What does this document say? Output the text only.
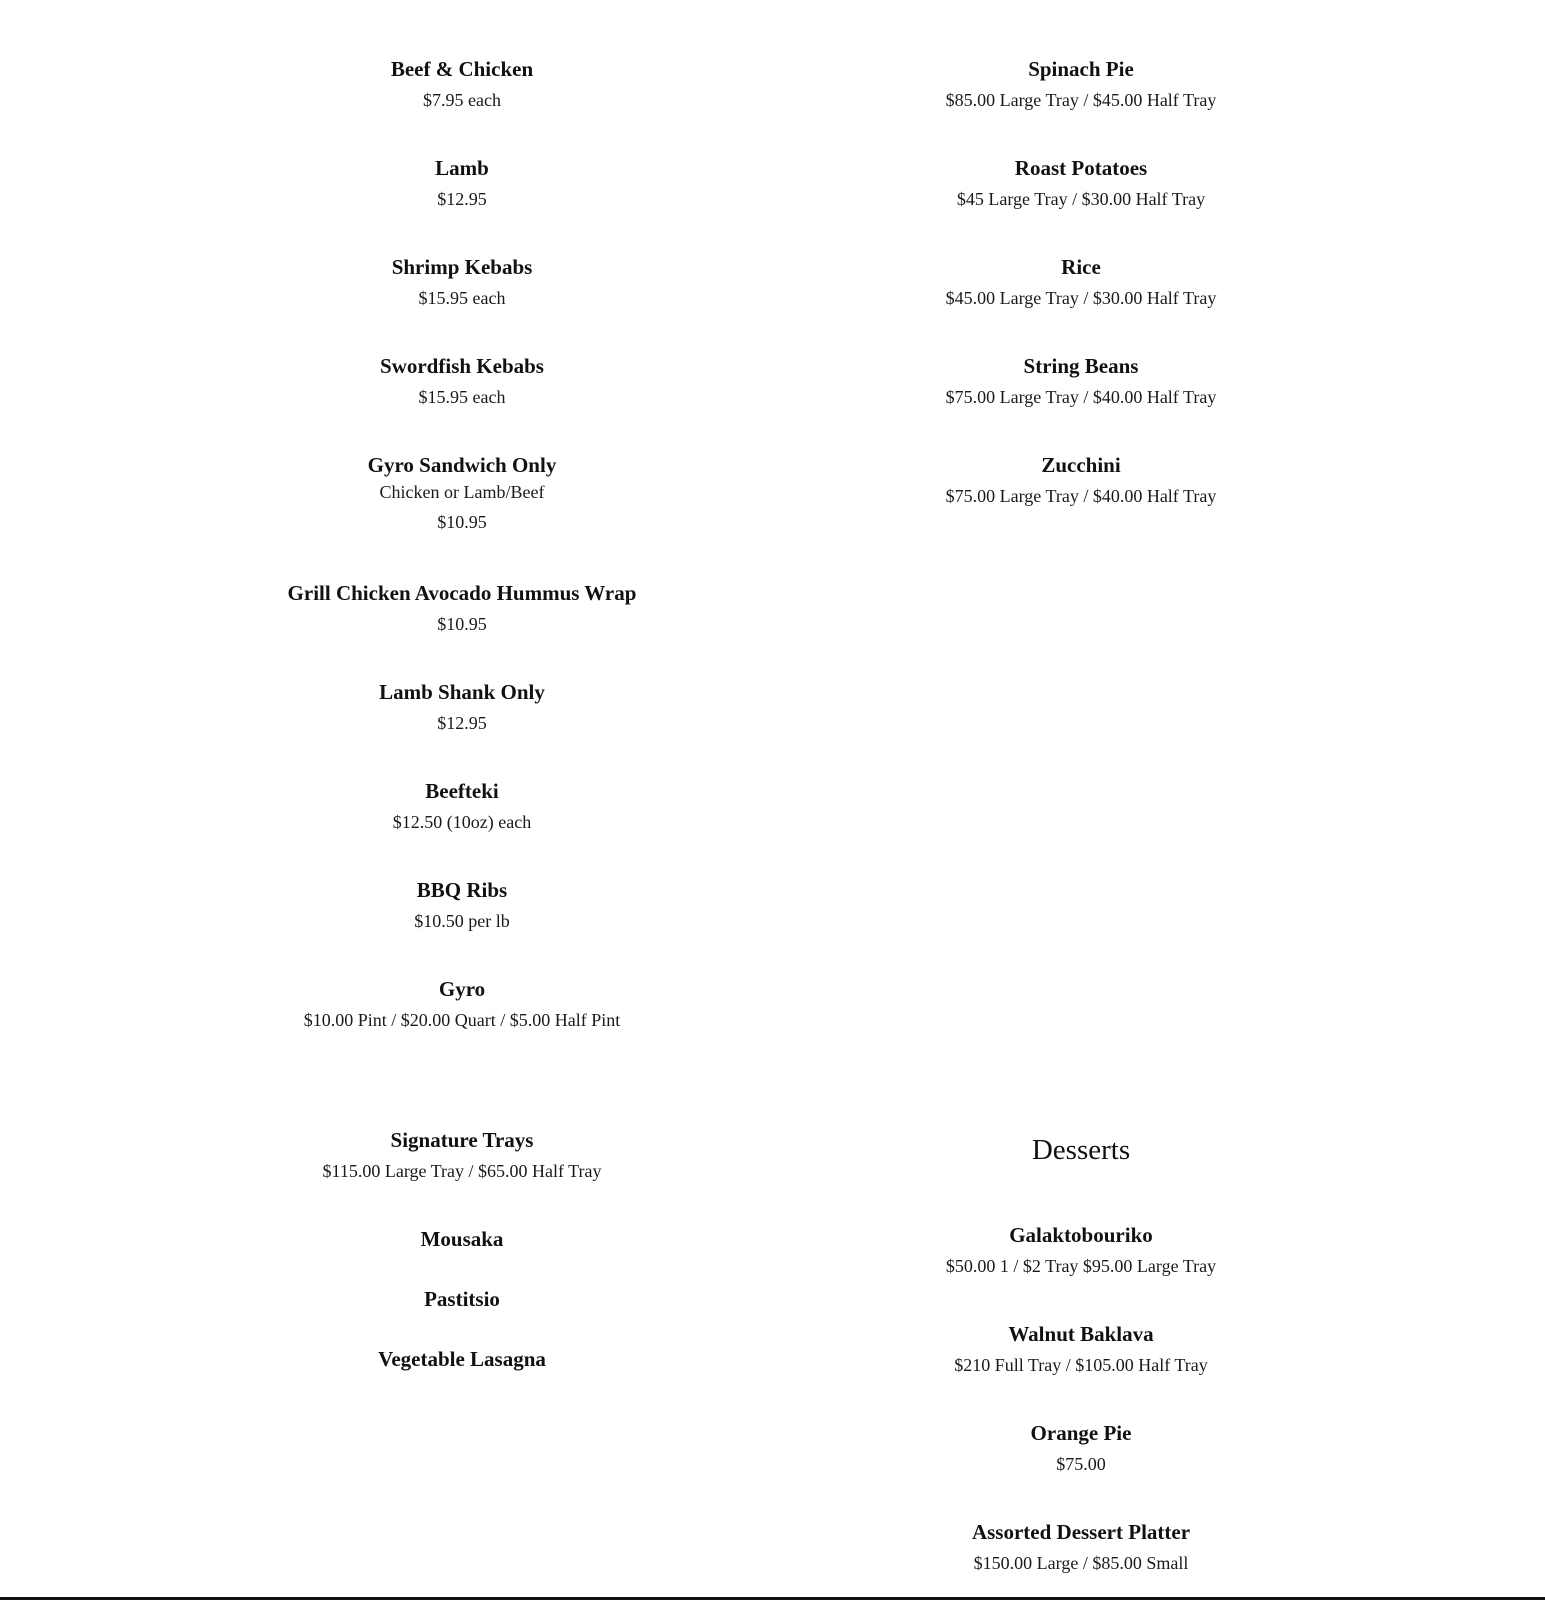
Beef & Chicken

$7.95 each

Lamb

$12.95

Shrimp Kebabs

$15.95 each

Swordfish Kebabs

$15.95 each

Gyro Sandwich Only

Chicken or Lamb/Beef

$10.95

Grill Chicken Avocado Hummus Wrap

$10.95

Lamb Shank Only

$12.95

Beefteki

$12.50 (10oz) each

BBQ Ribs

$10.50 per lb

Gyro

$10.00 Pint / $20.00 Quart / $5.00 Half Pint

Signature Trays

$115.00 Large Tray / $65.00 Half Tray

Mousaka

Pastitsio

Vegetable Lasagna

Spinach Pie

$85.00 Large Tray / $45.00 Half Tray

Roast Potatoes

$45 Large Tray / $30.00 Half Tray

Rice

$45.00 Large Tray / $30.00 Half Tray

String Beans

$75.00 Large Tray / $40.00 Half Tray

Zucchini

$75.00 Large Tray / $40.00 Half Tray

Desserts

Galaktobouriko

$50.00 1 / $2 Tray $95.00 Large Tray

Walnut Baklava

$210 Full Tray / $105.00 Half Tray

Orange Pie

$75.00

Assorted Dessert Platter

$150.00 Large / $85.00 Small
